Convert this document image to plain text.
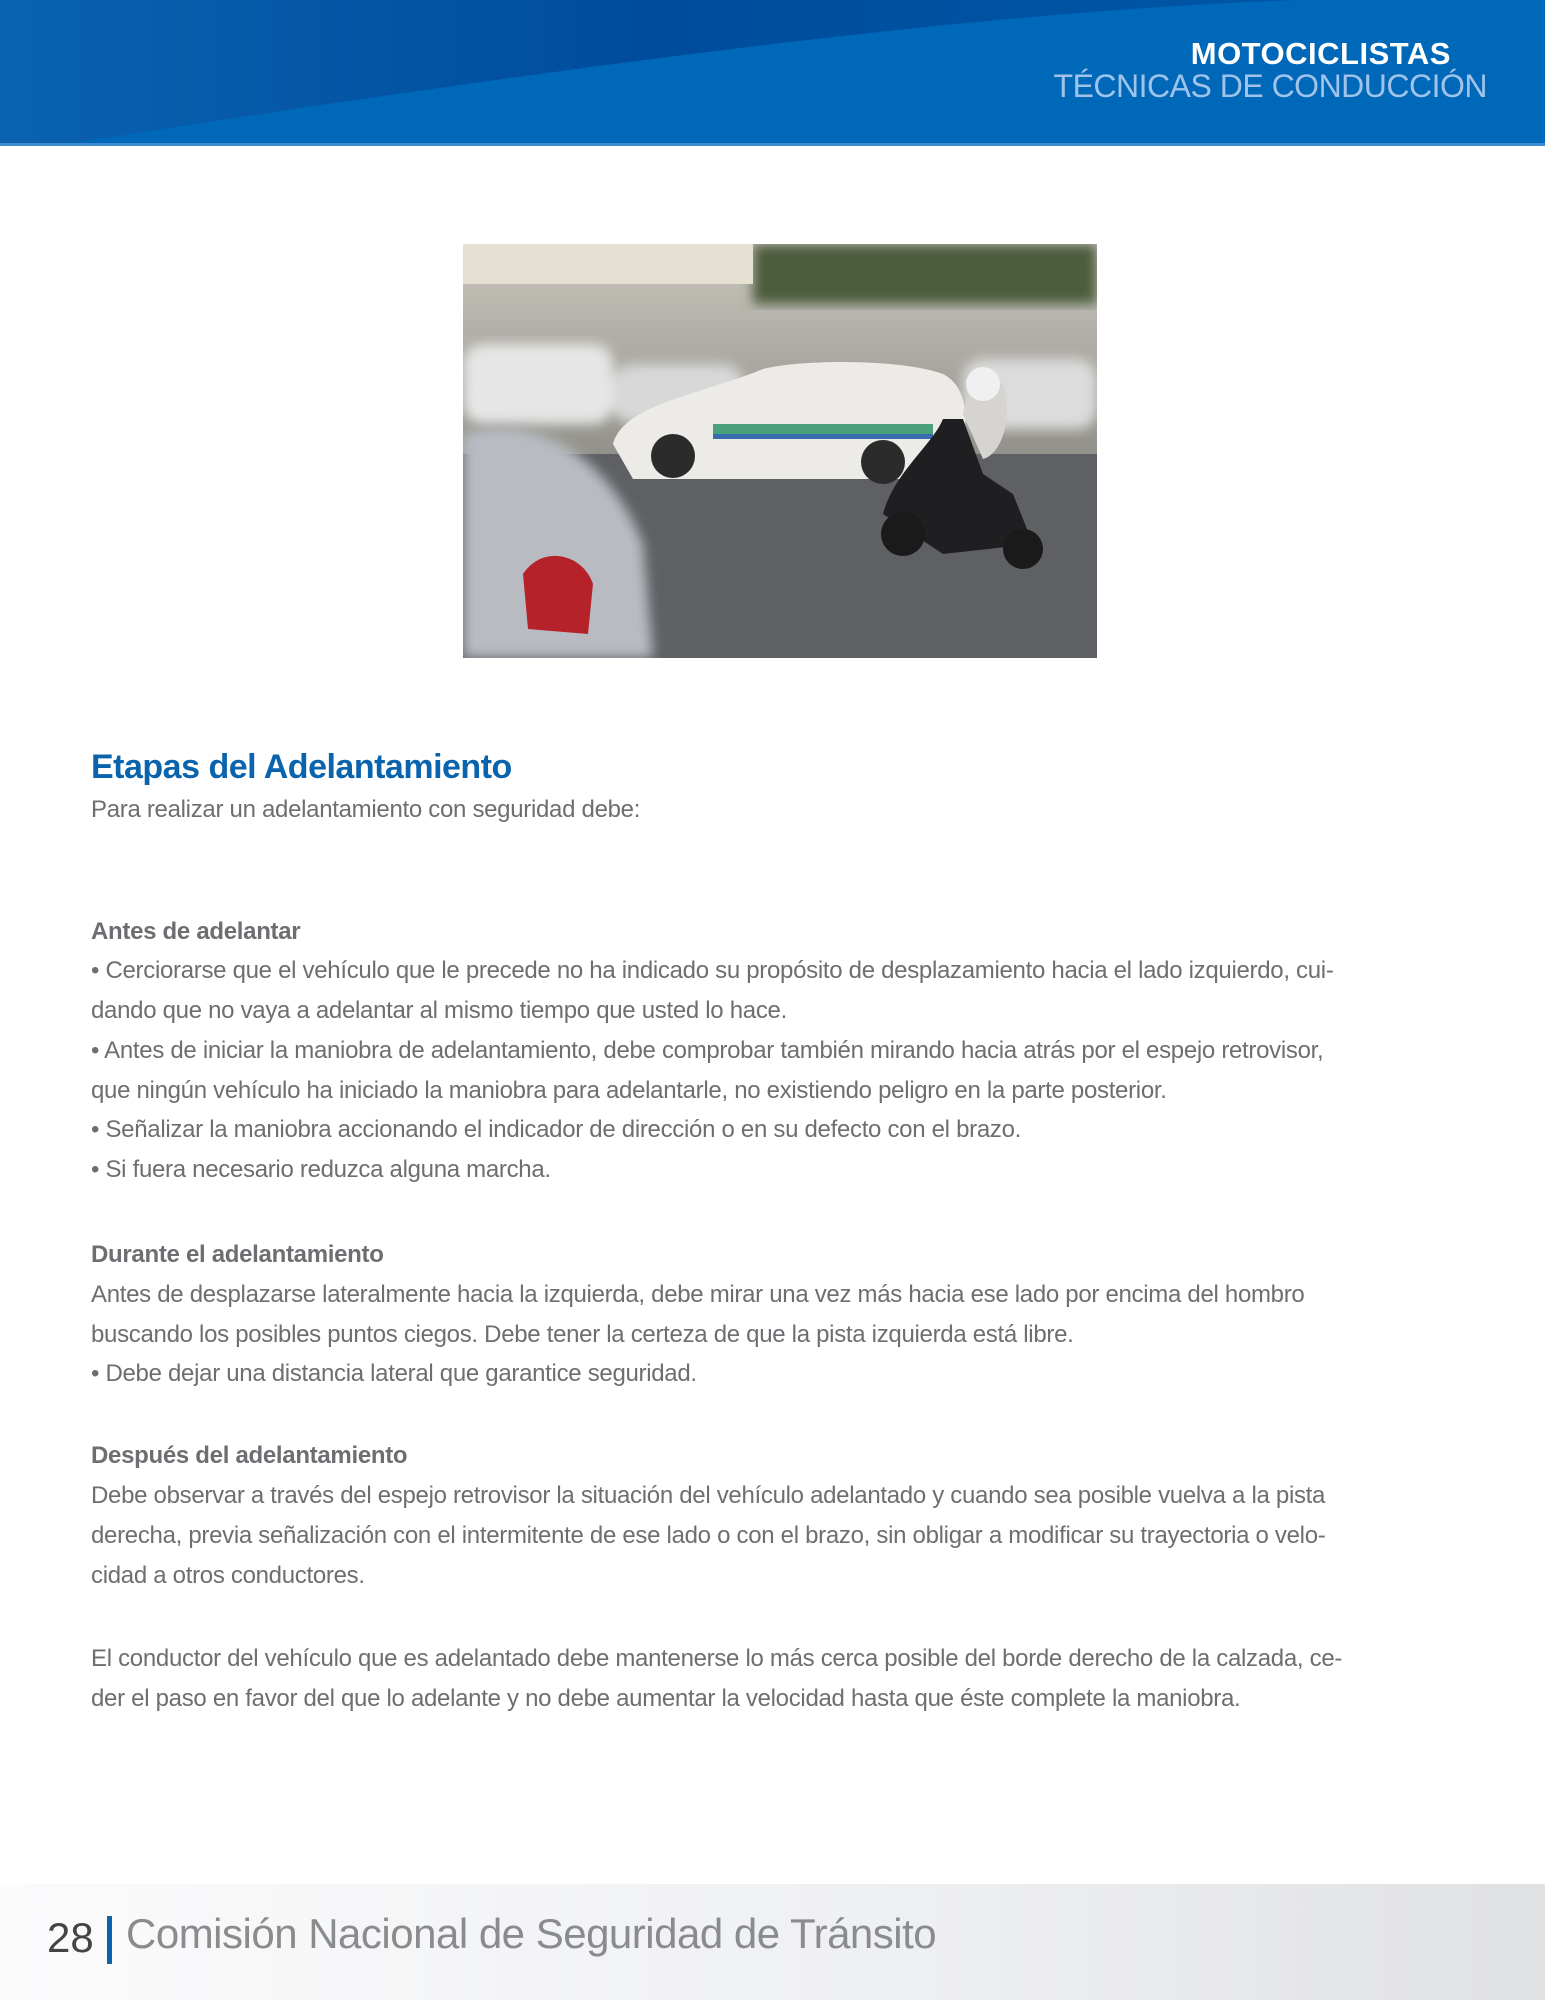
MOTOCICLISTAS
TÉCNICAS DE CONDUCCIÓN
Etapas del Adelantamiento
Para realizar un adelantamiento con seguridad debe:
Antes de adelantar
• Cerciorarse que el vehículo que le precede no ha indicado su propósito de desplazamiento hacia el lado izquierdo, cui-
dando que no vaya a adelantar al mismo tiempo que usted lo hace.
• Antes de iniciar la maniobra de adelantamiento, debe comprobar también mirando hacia atrás por el espejo retrovisor,
que ningún vehículo ha iniciado la maniobra para adelantarle, no existiendo peligro en la parte posterior.
• Señalizar la maniobra accionando el indicador de dirección o en su defecto con el brazo.
• Si fuera necesario reduzca alguna marcha.
Durante el adelantamiento
Antes de desplazarse lateralmente hacia la izquierda, debe mirar una vez más hacia ese lado por encima del hombro
buscando los posibles puntos ciegos. Debe tener la certeza de que la pista izquierda está libre.
• Debe dejar una distancia lateral que garantice seguridad.
Después del adelantamiento
Debe observar a través del espejo retrovisor la situación del vehículo adelantado y cuando sea posible vuelva a la pista
derecha, previa señalización con el intermitente de ese lado o con el brazo, sin obligar a modificar su trayectoria o velo-
cidad a otros conductores.
El conductor del vehículo que es adelantado debe mantenerse lo más cerca posible del borde derecho de la calzada, ce-
der el paso en favor del que lo adelante y no debe aumentar la velocidad hasta que éste complete la maniobra.
28 Comisión Nacional de Seguridad de Tránsito
